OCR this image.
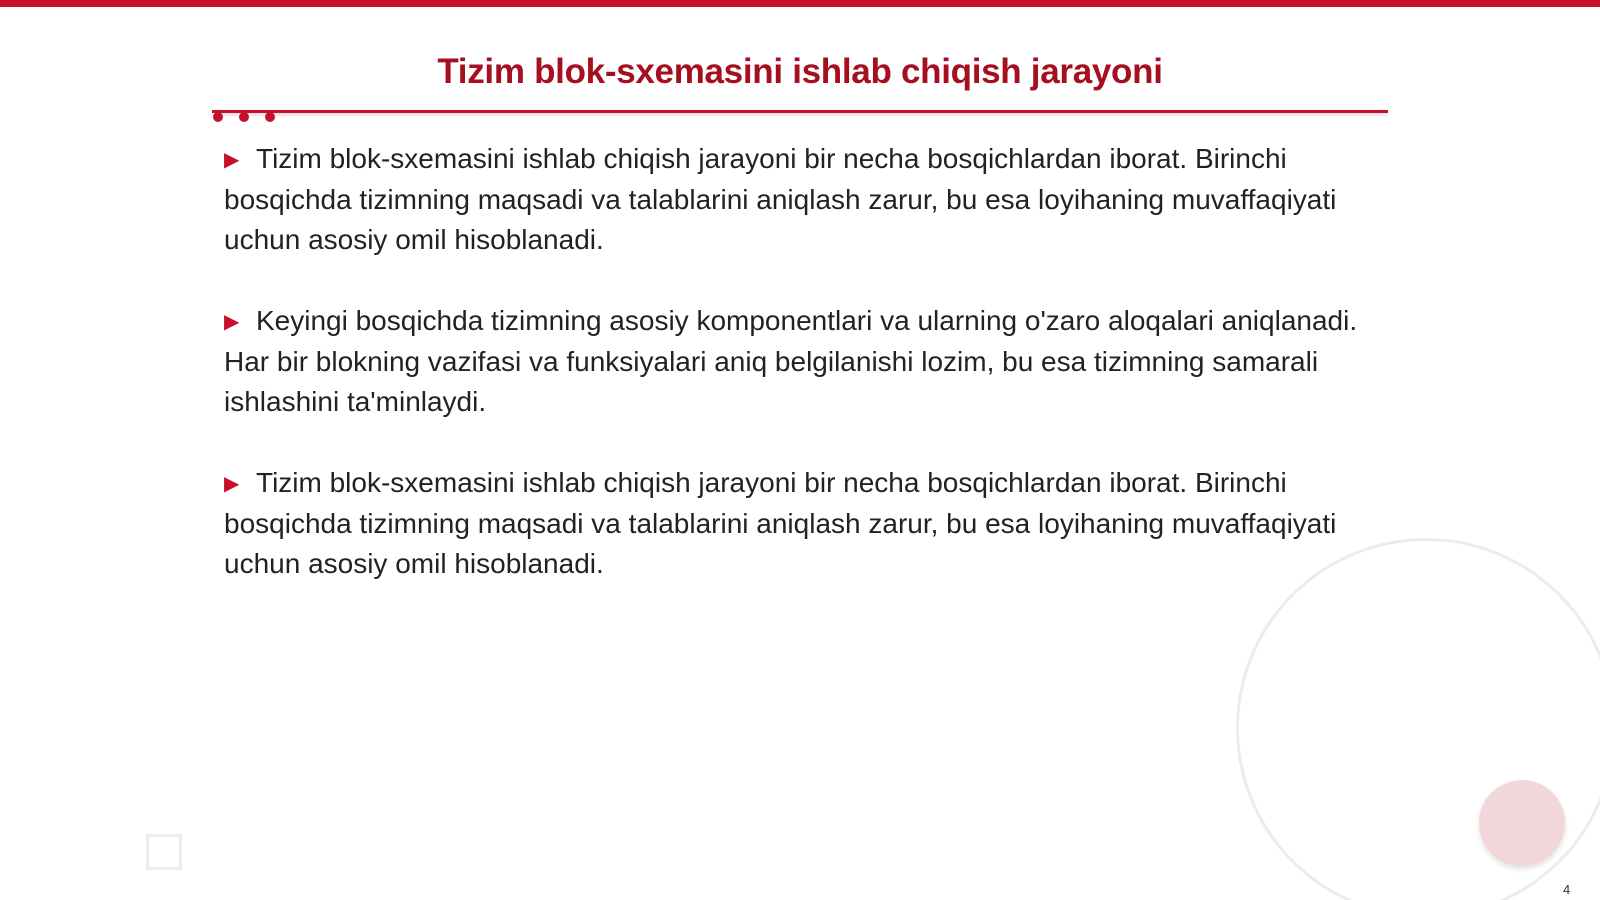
Tizim blok-sxemasini ishlab chiqish jarayoni

▶ Tizim blok-sxemasini ishlab chiqish jarayoni bir necha bosqichlardan iborat. Birinchi bosqichda tizimning maqsadi va talablarini aniqlash zarur, bu esa loyihaning muvaffaqiyati uchun asosiy omil hisoblanadi.

▶ Keyingi bosqichda tizimning asosiy komponentlari va ularning o'zaro aloqalari aniqlanadi. Har bir blokning vazifasi va funksiyalari aniq belgilanishi lozim, bu esa tizimning samarali ishlashini ta'minlaydi.

▶ Tizim blok-sxemasini ishlab chiqish jarayoni bir necha bosqichlardan iborat. Birinchi bosqichda tizimning maqsadi va talablarini aniqlash zarur, bu esa loyihaning muvaffaqiyati uchun asosiy omil hisoblanadi.

4
